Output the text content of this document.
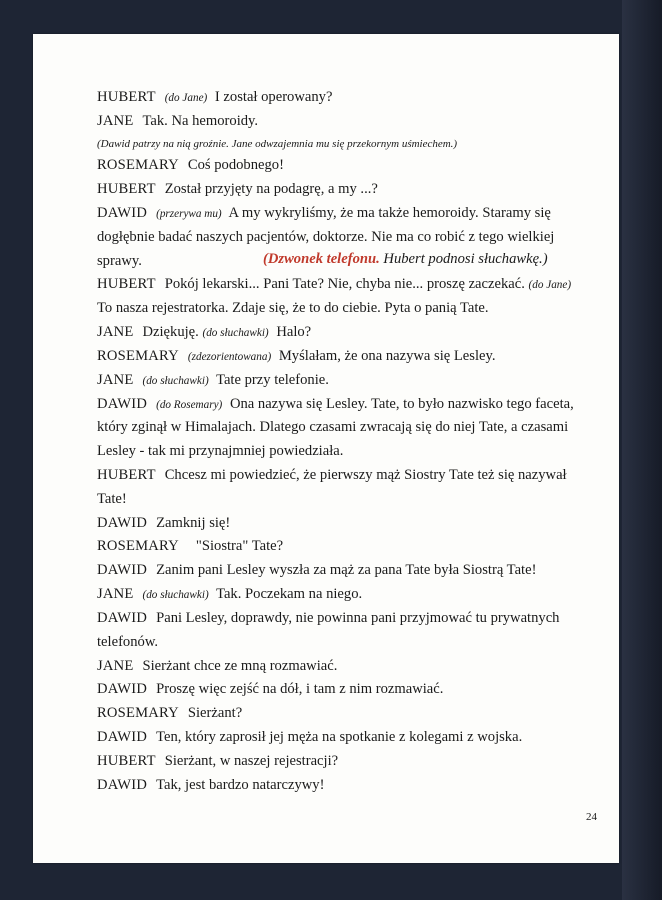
HUBERT (do Jane) I został operowany?
JANE Tak. Na hemoroidy.
(Dawid patrzy na nią groźnie. Jane odwzajemnia mu się przekornym uśmiechem.)
ROSEMARY Coś podobnego!
HUBERT Został przyjęty na podagrę, a my ...?
DAWID (przerywa mu) A my wykryliśmy, że ma także hemoroidy. Staramy się
dogłębnie badać naszych pacjentów, doktorze. Nie ma co robić z tego wielkiej
sprawy.	(Dzwonek telefonu. Hubert podnosi słuchawkę.)
HUBERT Pokój lekarski... Pani Tate? Nie, chyba nie... proszę zaczekać. (do Jane)
To nasza rejestratorka. Zdaje się, że to do ciebie. Pyta o panią Tate.
JANE Dziękuję. (do słuchawki) Halo?
ROSEMARY (zdezorientowana) Myślałam, że ona nazywa się Lesley.
JANE (do słuchawki) Tate przy telefonie.
DAWID (do Rosemary) Ona nazywa się Lesley. Tate, to było nazwisko tego faceta,
który zginął w Himalajach. Dlatego czasami zwracają się do niej Tate, a czasami
Lesley - tak mi przynajmniej powiedziała.
HUBERT Chcesz mi powiedzieć, że pierwszy mąż Siostry Tate też się nazywał
Tate!
DAWID Zamknij się!
ROSEMARY "Siostra" Tate?
DAWID Zanim pani Lesley wyszła za mąż za pana Tate była Siostrą Tate!
JANE (do słuchawki) Tak. Poczekam na niego.
DAWID Pani Lesley, doprawdy, nie powinna pani przyjmować tu prywatnych
telefonów.
JANE Sierżant chce ze mną rozmawiać.
DAWID Proszę więc zejść na dół, i tam z nim rozmawiać.
ROSEMARY Sierżant?
DAWID Ten, który zaprosił jej męża na spotkanie z kolegami z wojska.
HUBERT Sierżant, w naszej rejestracji?
DAWID Tak, jest bardzo natarczywy!
24
